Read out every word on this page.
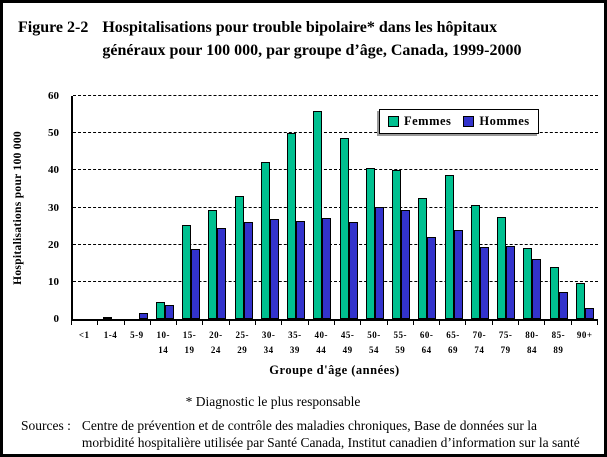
Figure 2-2 Hospitalisations pour trouble bipolaire* dans les hôpitaux
généraux pour 100 000, par groupe d’âge, Canada, 1999-2000
Hospitalisations pour 100 000
0
10
20
30
40
50
60
Femmes Hommes
<1	1-4	5-9	10-
14
15-
19
20-
24
25-
29
30-
34
35-
39
40-
44
45-
49
50-
54
55-
59
60-
64
65-
69
70-
74
75-
79
80-
84
85-
89
90+
Groupe d'âge (années)
* Diagnostic le plus responsable
Sources : Centre de prévention et de contrôle des maladies chroniques, Base de données sur la morbidité hospitalière utilisée par Santé Canada, Institut canadien d’information sur la santé
